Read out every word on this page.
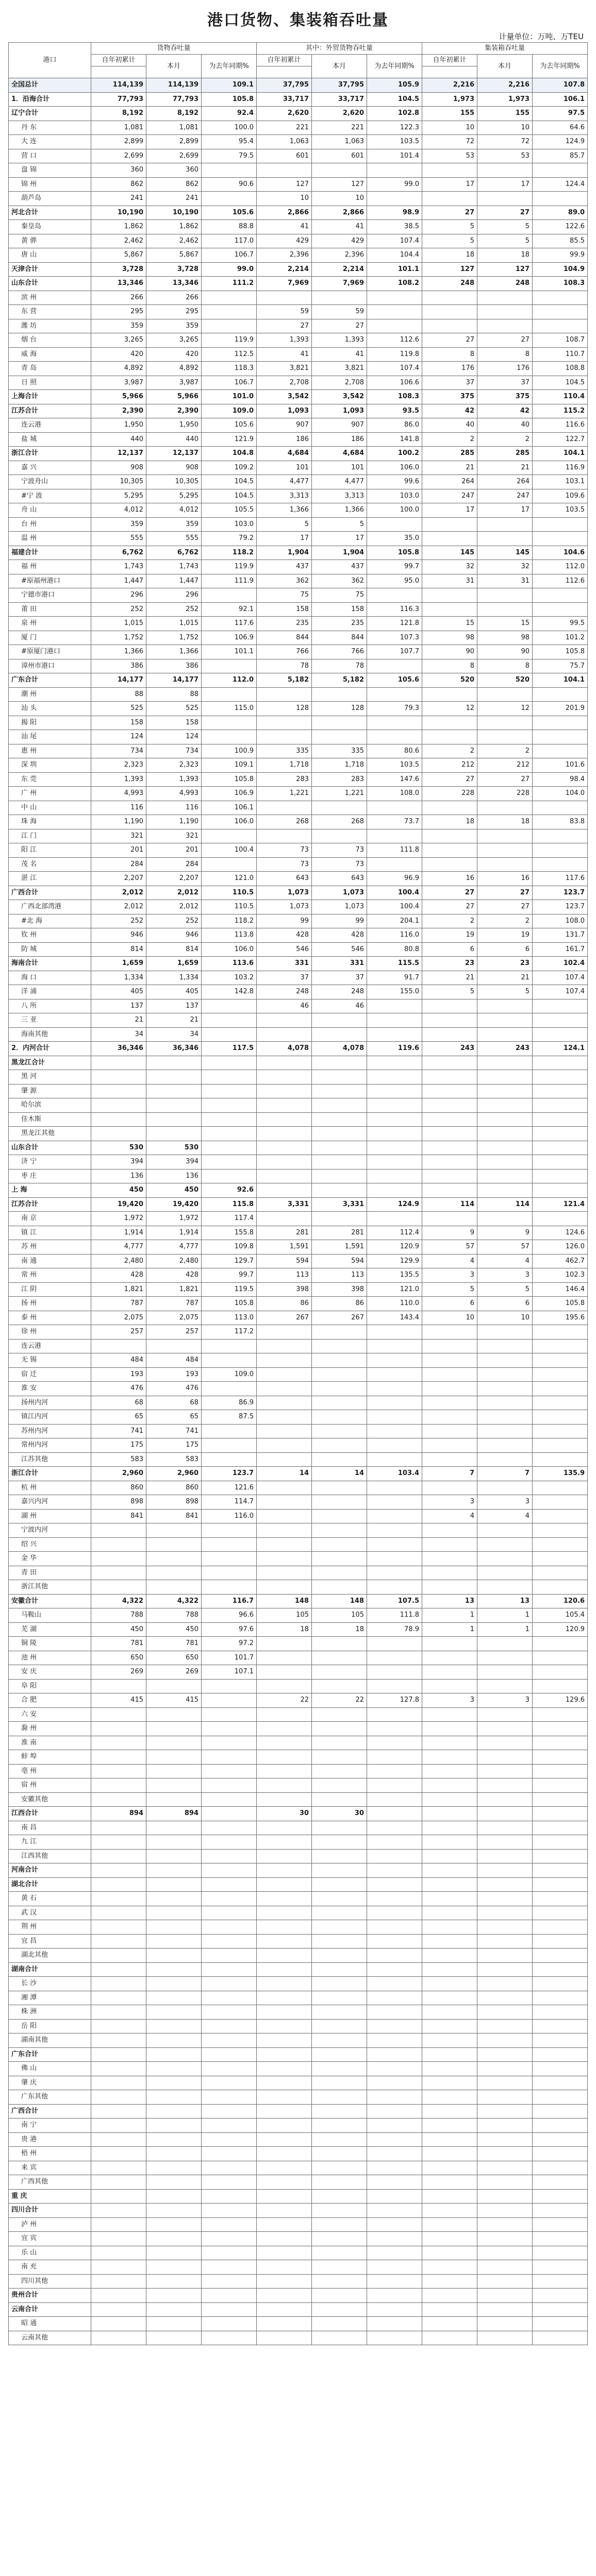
港口货物、集装箱吞吐量
计量单位：万吨、万TEU
港口	货物吞吐量			其中：外贸货物吞吐量			集装箱吞吐量		
	自年初累计	本月	为去年同期%	自年初累计	本月	为去年同期%	自年初累计	本月	为去年同期%

全国总计	114,139	114,139	109.1	37,795	37,795	105.9	2,216	2,216	107.8
1．沿海合计	77,793	77,793	105.8	33,717	33,717	104.5	1,973	1,973	106.1
辽宁合计	8,192	8,192	92.4	2,620	2,620	102.8	155	155	97.5
丹 东	1,081	1,081	100.0	221	221	122.3	10	10	64.6
大 连	2,899	2,899	95.4	1,063	1,063	103.5	72	72	124.9
营 口	2,699	2,699	79.5	601	601	101.4	53	53	85.7
盘 锦	360	360							
锦 州	862	862	90.6	127	127	99.0	17	17	124.4
葫芦岛	241	241		10	10				
河北合计	10,190	10,190	105.6	2,866	2,866	98.9	27	27	89.0
秦皇岛	1,862	1,862	88.8	41	41	38.5	5	5	122.6
黄 骅	2,462	2,462	117.0	429	429	107.4	5	5	85.5
唐 山	5,867	5,867	106.7	2,396	2,396	104.4	18	18	99.9
天津合计	3,728	3,728	99.0	2,214	2,214	101.1	127	127	104.9
山东合计	13,346	13,346	111.2	7,969	7,969	108.2	248	248	108.3
滨 州	266	266							
东 营	295	295		59	59				
潍 坊	359	359		27	27				
烟 台	3,265	3,265	119.9	1,393	1,393	112.6	27	27	108.7
威 海	420	420	112.5	41	41	119.8	8	8	110.7
青 岛	4,892	4,892	118.3	3,821	3,821	107.4	176	176	108.8
日 照	3,987	3,987	106.7	2,708	2,708	106.6	37	37	104.5
上海合计	5,966	5,966	101.0	3,542	3,542	108.3	375	375	110.4
江苏合计	2,390	2,390	109.0	1,093	1,093	93.5	42	42	115.2
连云港	1,950	1,950	105.6	907	907	86.0	40	40	116.6
盐 城	440	440	121.9	186	186	141.8	2	2	122.7
浙江合计	12,137	12,137	104.8	4,684	4,684	100.2	285	285	104.1
嘉 兴	908	908	109.2	101	101	106.0	21	21	116.9
宁波舟山	10,305	10,305	104.5	4,477	4,477	99.6	264	264	103.1
#宁 波	5,295	5,295	104.5	3,313	3,313	103.0	247	247	109.6
舟 山	4,012	4,012	105.5	1,366	1,366	100.0	17	17	103.5
台 州	359	359	103.0	5	5				
温 州	555	555	79.2	17	17	35.0			
福建合计	6,762	6,762	118.2	1,904	1,904	105.8	145	145	104.6
福 州	1,743	1,743	119.9	437	437	99.7	32	32	112.0
#原福州港口	1,447	1,447	111.9	362	362	95.0	31	31	112.6
宁德市港口	296	296		75	75				
莆 田	252	252	92.1	158	158	116.3			
泉 州	1,015	1,015	117.6	235	235	121.8	15	15	99.5
厦 门	1,752	1,752	106.9	844	844	107.3	98	98	101.2
#原厦门港口	1,366	1,366	101.1	766	766	107.7	90	90	105.8
漳州市港口	386	386		78	78		8	8	75.7
广东合计	14,177	14,177	112.0	5,182	5,182	105.6	520	520	104.1
潮 州	88	88							
汕 头	525	525	115.0	128	128	79.3	12	12	201.9
揭 阳	158	158							
汕 尾	124	124							
惠 州	734	734	100.9	335	335	80.6	2	2	
深 圳	2,323	2,323	109.1	1,718	1,718	103.5	212	212	101.6
东 莞	1,393	1,393	105.8	283	283	147.6	27	27	98.4
广 州	4,993	4,993	106.9	1,221	1,221	108.0	228	228	104.0
中 山	116	116	106.1						
珠 海	1,190	1,190	106.0	268	268	73.7	18	18	83.8
江 门	321	321							
阳 江	201	201	100.4	73	73	111.8			
茂 名	284	284		73	73				
湛 江	2,207	2,207	121.0	643	643	96.9	16	16	117.6
广西合计	2,012	2,012	110.5	1,073	1,073	100.4	27	27	123.7
广西北部湾港	2,012	2,012	110.5	1,073	1,073	100.4	27	27	123.7
#北 海	252	252	118.2	99	99	204.1	2	2	108.0
钦 州	946	946	113.8	428	428	116.0	19	19	131.7
防 城	814	814	106.0	546	546	80.8	6	6	161.7
海南合计	1,659	1,659	113.6	331	331	115.5	23	23	102.4
海 口	1,334	1,334	103.2	37	37	91.7	21	21	107.4
洋 浦	405	405	142.8	248	248	155.0	5	5	107.4
八 所	137	137		46	46				
三 亚	21	21							
海南其他	34	34							
2．内河合计	36,346	36,346	117.5	4,078	4,078	119.6	243	243	124.1
黑龙江合计									
黑 河									
肇 源									
哈尔滨									
佳木斯									
黑龙江其他									
山东合计	530	530							
济 宁	394	394							
枣 庄	136	136							
上 海	450	450	92.6						
江苏合计	19,420	19,420	115.8	3,331	3,331	124.9	114	114	121.4
南 京	1,972	1,972	117.4						
镇 江	1,914	1,914	155.8	281	281	112.4	9	9	124.6
苏 州	4,777	4,777	109.8	1,591	1,591	120.9	57	57	126.0
南 通	2,480	2,480	129.7	594	594	129.9	4	4	462.7
常 州	428	428	99.7	113	113	135.5	3	3	102.3
江 阴	1,821	1,821	119.5	398	398	121.0	5	5	146.4
扬 州	787	787	105.8	86	86	110.0	6	6	105.8
泰 州	2,075	2,075	113.0	267	267	143.4	10	10	195.6
徐 州	257	257	117.2						
连云港									
无 锡	484	484							
宿 迁	193	193	109.0						
淮 安	476	476							
扬州内河	68	68	86.9						
镇江内河	65	65	87.5						
苏州内河	741	741							
常州内河	175	175							
江苏其他	583	583							
浙江合计	2,960	2,960	123.7	14	14	103.4	7	7	135.9
杭 州	860	860	121.6						
嘉兴内河	898	898	114.7				3	3	
湖 州	841	841	116.0				4	4	
宁波内河									
绍 兴									
金 华									
青 田									
浙江其他									
安徽合计	4,322	4,322	116.7	148	148	107.5	13	13	120.6
马鞍山	788	788	96.6	105	105	111.8	1	1	105.4
芜 湖	450	450	97.6	18	18	78.9	1	1	120.9
铜 陵	781	781	97.2						
池 州	650	650	101.7						
安 庆	269	269	107.1						
阜 阳									
合 肥	415	415		22	22	127.8	3	3	129.6
六 安									
滁 州									
淮 南									
蚌 埠									
亳 州									
宿 州									
安徽其他									
江西合计	894	894		30	30				
南 昌									
九 江									
江西其他									
河南合计									
湖北合计									
黄 石									
武 汉									
荆 州									
宜 昌									
湖北其他									
湖南合计									
长 沙									
湘 潭									
株 洲									
岳 阳									
湖南其他									
广东合计									
佛 山									
肇 庆									
广东其他									
广西合计									
南 宁									
贵 港									
梧 州									
来 宾									
广西其他									
重 庆									
四川合计									
泸 州									
宜 宾									
乐 山									
南 充									
四川其他									
贵州合计									
云南合计									
昭 通									
云南其他									
